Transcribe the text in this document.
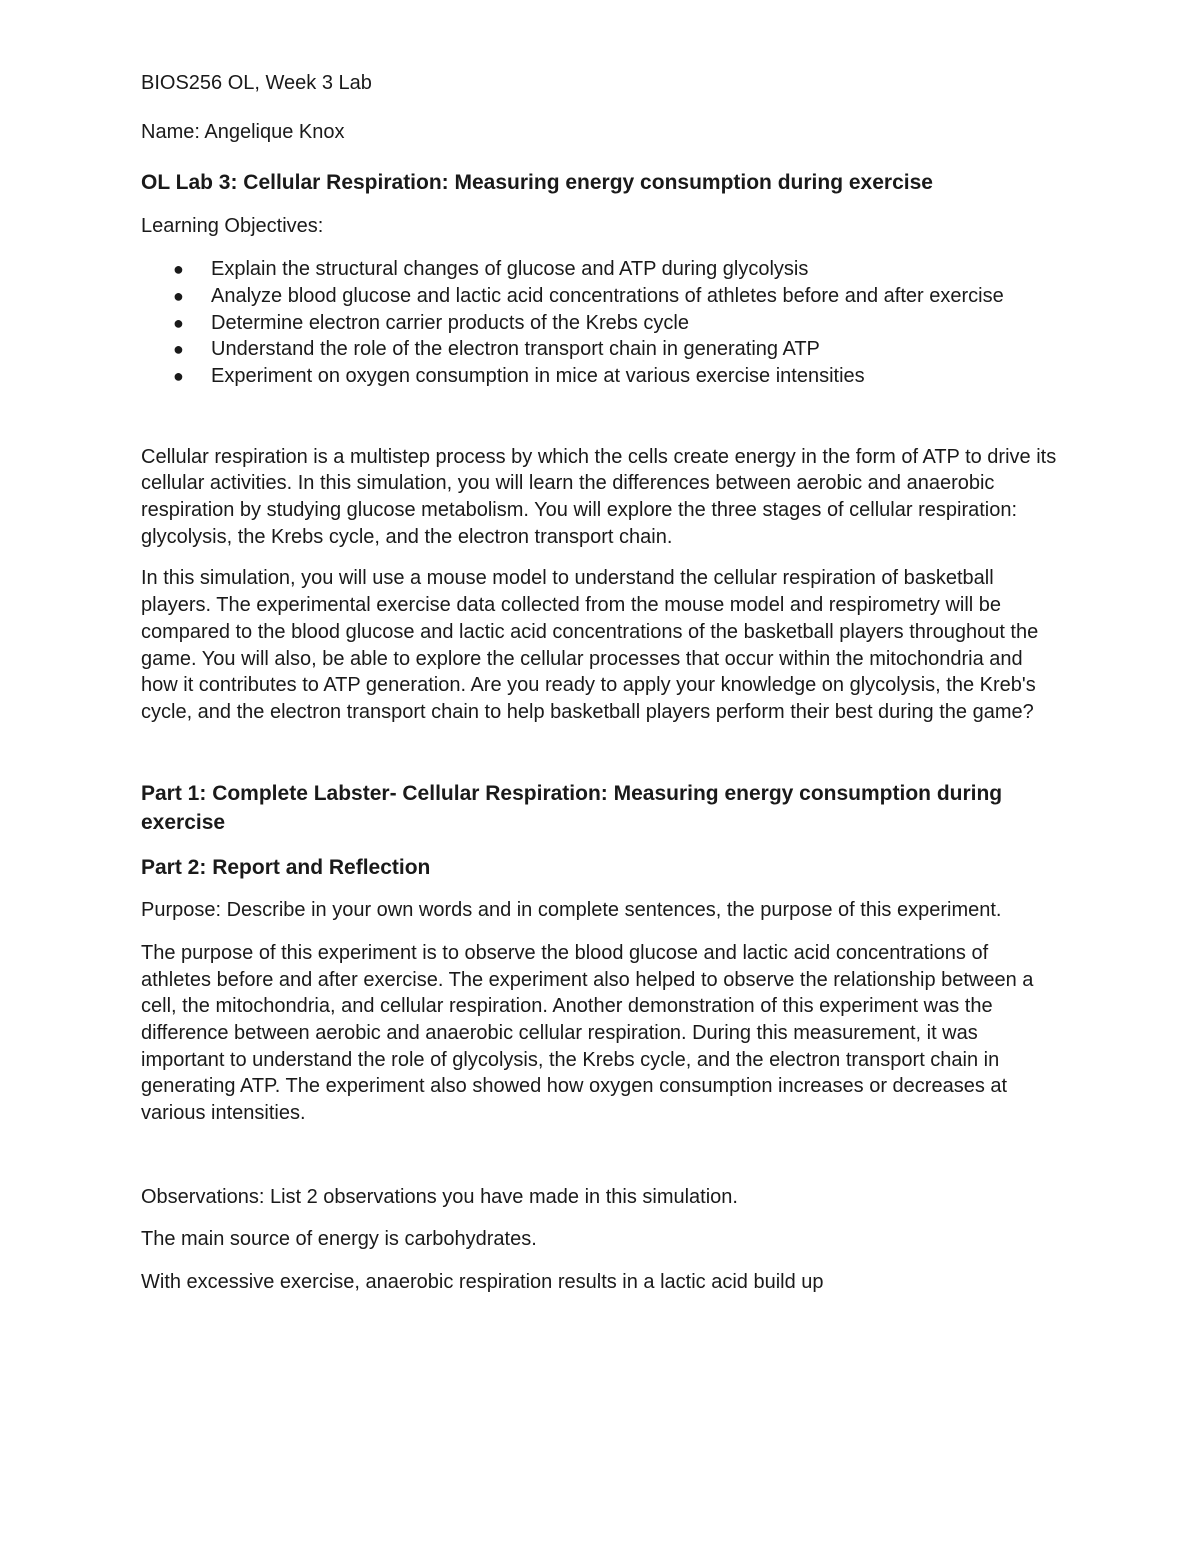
BIOS256 OL, Week 3 Lab

Name: Angelique Knox

OL Lab 3: Cellular Respiration: Measuring energy consumption during exercise

Learning Objectives:

● Explain the structural changes of glucose and ATP during glycolysis
● Analyze blood glucose and lactic acid concentrations of athletes before and after exercise
● Determine electron carrier products of the Krebs cycle
● Understand the role of the electron transport chain in generating ATP
● Experiment on oxygen consumption in mice at various exercise intensities

Cellular respiration is a multistep process by which the cells create energy in the form of ATP to drive its cellular activities. In this simulation, you will learn the differences between aerobic and anaerobic respiration by studying glucose metabolism. You will explore the three stages of cellular respiration: glycolysis, the Krebs cycle, and the electron transport chain.

In this simulation, you will use a mouse model to understand the cellular respiration of basketball players. The experimental exercise data collected from the mouse model and respirometry will be compared to the blood glucose and lactic acid concentrations of the basketball players throughout the game. You will also, be able to explore the cellular processes that occur within the mitochondria and how it contributes to ATP generation. Are you ready to apply your knowledge on glycolysis, the Kreb's cycle, and the electron transport chain to help basketball players perform their best during the game?

Part 1: Complete Labster- Cellular Respiration: Measuring energy consumption during exercise

Part 2: Report and Reflection

Purpose: Describe in your own words and in complete sentences, the purpose of this experiment.

The purpose of this experiment is to observe the blood glucose and lactic acid concentrations of athletes before and after exercise. The experiment also helped to observe the relationship between a cell, the mitochondria, and cellular respiration. Another demonstration of this experiment was the difference between aerobic and anaerobic cellular respiration. During this measurement, it was important to understand the role of glycolysis, the Krebs cycle, and the electron transport chain in generating ATP. The experiment also showed how oxygen consumption increases or decreases at various intensities.

Observations: List 2 observations you have made in this simulation.

The main source of energy is carbohydrates.

With excessive exercise, anaerobic respiration results in a lactic acid build up
